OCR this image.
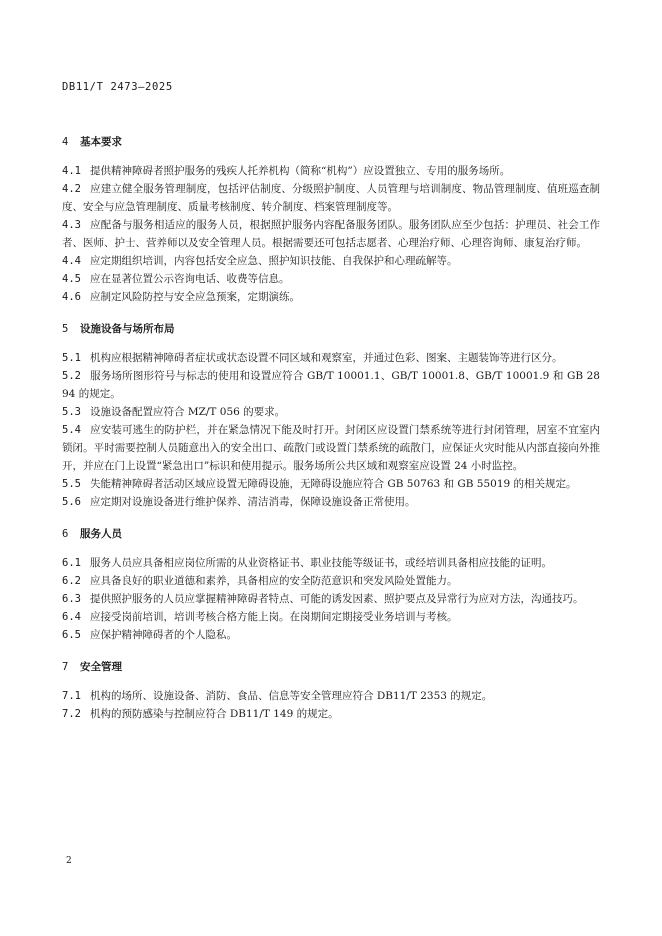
DB11/T 2473—2025
4 基本要求
4.1 提供精神障碍者照护服务的残疾人托养机构（简称“机构”）应设置独立、专用的服务场所。
4.2 应建立健全服务管理制度，包括评估制度、分级照护制度、人员管理与培训制度、物品管理制度、值班巡查制度、安全与应急管理制度、质量考核制度、转介制度、档案管理制度等。
4.3 应配备与服务相适应的服务人员，根据照护服务内容配备服务团队。服务团队应至少包括：护理员、社会工作者、医师、护士、营养师以及安全管理人员。根据需要还可包括志愿者、心理治疗师、心理咨询师、康复治疗师。
4.4 应定期组织培训，内容包括安全应急、照护知识技能、自我保护和心理疏解等。
4.5 应在显著位置公示咨询电话、收费等信息。
4.6 应制定风险防控与安全应急预案，定期演练。
5 设施设备与场所布局
5.1 机构应根据精神障碍者症状或状态设置不同区域和观察室，并通过色彩、图案、主题装饰等进行区分。
5.2 服务场所图形符号与标志的使用和设置应符合 GB/T 10001.1、GB/T 10001.8、GB/T 10001.9 和 GB 2894 的规定。
5.3 设施设备配置应符合 MZ/T 056 的要求。
5.4 应安装可逃生的防护栏，并在紧急情况下能及时打开。封闭区应设置门禁系统等进行封闭管理，居室不宜室内锁闭。平时需要控制人员随意出入的安全出口、疏散门或设置门禁系统的疏散门，应保证火灾时能从内部直接向外推开，并应在门上设置“紧急出口”标识和使用提示。服务场所公共区域和观察室应设置 24 小时监控。
5.5 失能精神障碍者活动区域应设置无障碍设施，无障碍设施应符合 GB 50763 和 GB 55019 的相关规定。
5.6 应定期对设施设备进行维护保养、清洁消毒，保障设施设备正常使用。
6 服务人员
6.1 服务人员应具备相应岗位所需的从业资格证书、职业技能等级证书，或经培训具备相应技能的证明。
6.2 应具备良好的职业道德和素养，具备相应的安全防范意识和突发风险处置能力。
6.3 提供照护服务的人员应掌握精神障碍者特点、可能的诱发因素、照护要点及异常行为应对方法，沟通技巧。
6.4 应接受岗前培训，培训考核合格方能上岗。在岗期间定期接受业务培训与考核。
6.5 应保护精神障碍者的个人隐私。
7 安全管理
7.1 机构的场所、设施设备、消防、食品、信息等安全管理应符合 DB11/T 2353 的规定。
7.2 机构的预防感染与控制应符合 DB11/T 149 的规定。
2
